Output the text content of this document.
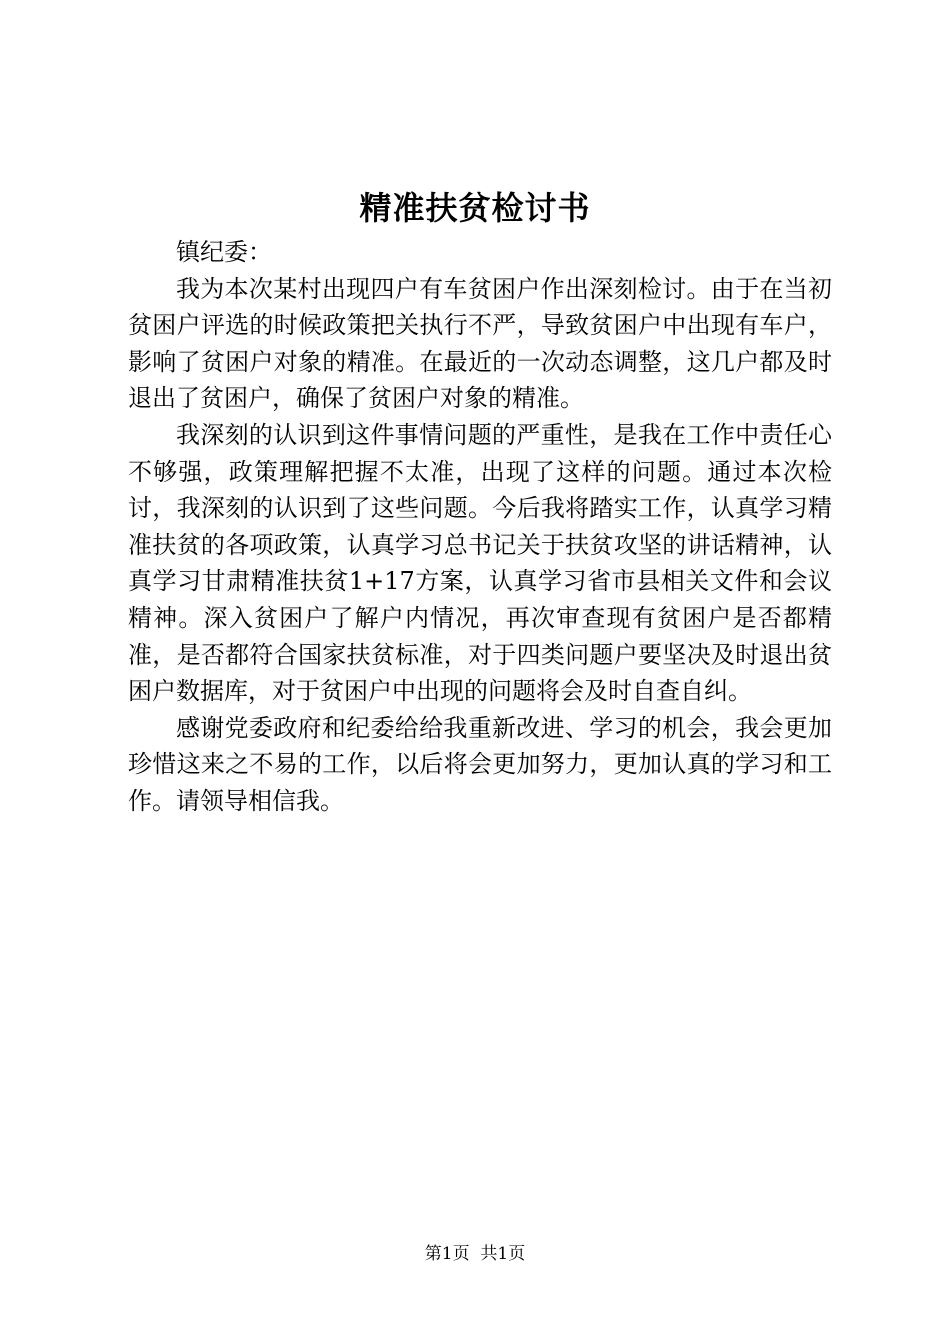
精准扶贫检讨书

镇纪委：

我为本次某村出现四户有车贫困户作出深刻检讨。由于在当初贫困户评选的时候政策把关执行不严，导致贫困户中出现有车户，影响了贫困户对象的精准。在最近的一次动态调整，这几户都及时退出了贫困户，确保了贫困户对象的精准。

我深刻的认识到这件事情问题的严重性，是我在工作中责任心不够强，政策理解把握不太准，出现了这样的问题。通过本次检讨，我深刻的认识到了这些问题。今后我将踏实工作，认真学习精准扶贫的各项政策，认真学习总书记关于扶贫攻坚的讲话精神，认真学习甘肃精准扶贫1+17方案，认真学习省市县相关文件和会议精神。深入贫困户了解户内情况，再次审查现有贫困户是否都精准，是否都符合国家扶贫标准，对于四类问题户要坚决及时退出贫困户数据库，对于贫困户中出现的问题将会及时自查自纠。

感谢党委政府和纪委给给我重新改进、学习的机会，我会更加珍惜这来之不易的工作，以后将会更加努力，更加认真的学习和工作。请领导相信我。

第1页 共1页
